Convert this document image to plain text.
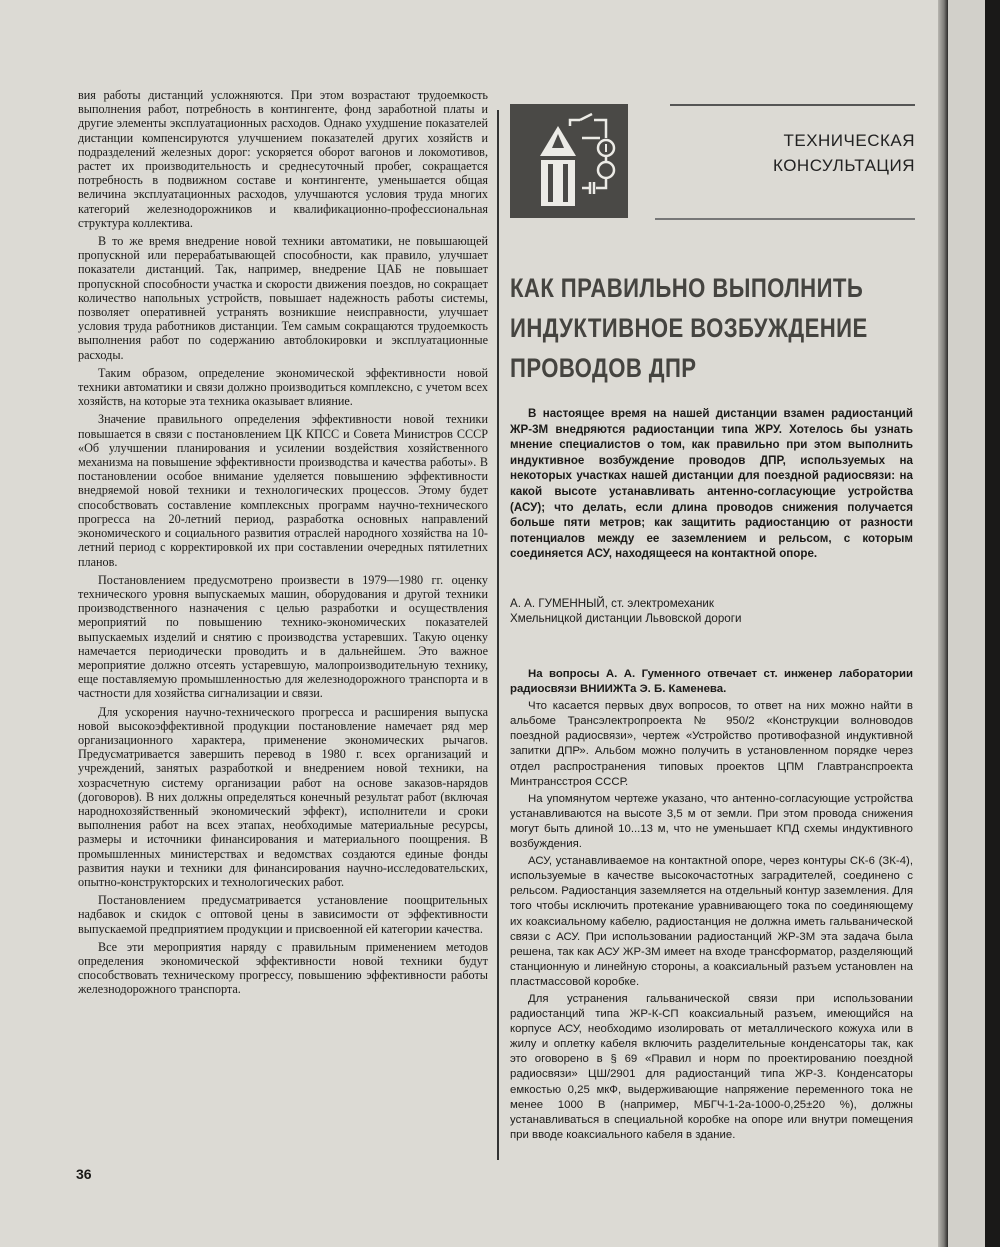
вия работы дистанций усложняются. При этом возрастают трудоемкость выполнения работ, потребность в контингенте, фонд заработной платы и другие элементы эксплуатационных расходов. Однако ухудшение показателей дистанции компенсируются улучшением показателей других хозяйств и подразделений железных дорог: ускоряется оборот вагонов и локомотивов, растет их производительность и среднесуточный пробег, сокращается потребность в подвижном составе и контингенте, уменьшается общая величина эксплуатационных расходов, улучшаются условия труда многих категорий железнодорожников и квалификационно-профессиональная структура коллектива.

В то же время внедрение новой техники автоматики, не повышающей пропускной или перерабатывающей способности, как правило, улучшает показатели дистанций. Так, например, внедрение ЦАБ не повышает пропускной способности участка и скорости движения поездов, но сокращает количество напольных устройств, повышает надежность работы системы, позволяет оперативней устранять возникшие неисправности, улучшает условия труда работников дистанции. Тем самым сокращаются трудоемкость выполнения работ по содержанию автоблокировки и эксплуатационные расходы.

Таким образом, определение экономической эффективности новой техники автоматики и связи должно производиться комплексно, с учетом всех хозяйств, на которые эта техника оказывает влияние.

Значение правильного определения эффективности новой техники повышается в связи с постановлением ЦК КПСС и Совета Министров СССР «Об улучшении планирования и усилении воздействия хозяйственного механизма на повышение эффективности производства и качества работы». В постановлении особое внимание уделяется повышению эффективности внедряемой новой техники и технологических процессов. Этому будет способствовать составление комплексных программ научно-технического прогресса на 20-летний период, разработка основных направлений экономического и социального развития отраслей народного хозяйства на 10-летний период с корректировкой их при составлении очередных пятилетних планов.

Постановлением предусмотрено произвести в 1979—1980 гг. оценку технического уровня выпускаемых машин, оборудования и другой техники производственного назначения с целью разработки и осуществления мероприятий по повышению технико-экономических показателей выпускаемых изделий и снятию с производства устаревших. Такую оценку намечается периодически проводить и в дальнейшем. Это важное мероприятие должно отсеять устаревшую, малопроизводительную технику, еще поставляемую промышленностью для железнодорожного транспорта и в частности для хозяйства сигнализации и связи.

Для ускорения научно-технического прогресса и расширения выпуска новой высокоэффективной продукции постановление намечает ряд мер организационного характера, применение экономических рычагов. Предусматривается завершить перевод в 1980 г. всех организаций и учреждений, занятых разработкой и внедрением новой техники, на хозрасчетную систему организации работ на основе заказов-нарядов (договоров). В них должны определяться конечный результат работ (включая народнохозяйственный экономический эффект), исполнители и сроки выполнения работ на всех этапах, необходимые материальные ресурсы, размеры и источники финансирования и материального поощрения. В промышленных министерствах и ведомствах создаются единые фонды развития науки и техники для финансирования научно-исследовательских, опытно-конструкторских и технологических работ.

Постановлением предусматривается установление поощрительных надбавок и скидок с оптовой цены в зависимости от эффективности выпускаемой предприятием продукции и присвоенной ей категории качества.

Все эти мероприятия наряду с правильным применением методов определения экономической эффективности новой техники будут способствовать техническому прогрессу, повышению эффективности работы железнодорожного транспорта.

36
ТЕХНИЧЕСКАЯ
КОНСУЛЬТАЦИЯ
КАК ПРАВИЛЬНО ВЫПОЛНИТЬ
ИНДУКТИВНОЕ ВОЗБУЖДЕНИЕ
ПРОВОДОВ ДПР

В настоящее время на нашей дистанции взамен радиостанций ЖР-3М внедряются радиостанции типа ЖРУ. Хотелось бы узнать мнение специалистов о том, как правильно при этом выполнить индуктивное возбуждение проводов ДПР, используемых на некоторых участках нашей дистанции для поездной радиосвязи: на какой высоте устанавливать антенно-согласующие устройства (АСУ); что делать, если длина проводов снижения получается больше пяти метров; как защитить радиостанцию от разности потенциалов между ее заземлением и рельсом, с которым соединяется АСУ, находящееся на контактной опоре.

А. А. ГУМЕННЫЙ, ст. электромеханик

Хмельницкой дистанции Львовской дороги

На вопросы А. А. Гуменного отвечает ст. инженер лаборатории радиосвязи ВНИИЖТа Э. Б. Каменева.

Что касается первых двух вопросов, то ответ на них можно найти в альбоме Трансэлектропроекта № 950/2 «Конструкции волноводов поездной радиосвязи», чертеж «Устройство противофазной индуктивной запитки ДПР». Альбом можно получить в установленном порядке через отдел распространения типовых проектов ЦПМ Главтранспроекта Минтрансстроя СССР.

На упомянутом чертеже указано, что антенно-согласующие устройства устанавливаются на высоте 3,5 м от земли. При этом провода снижения могут быть длиной 10...13 м, что не уменьшает КПД схемы индуктивного возбуждения.

АСУ, устанавливаемое на контактной опоре, через контуры СК-6 (ЗК-4), используемые в качестве высокочастотных заградителей, соединено с рельсом. Радиостанция заземляется на отдельный контур заземления. Для того чтобы исключить протекание уравнивающего тока по соединяющему их коаксиальному кабелю, радиостанция не должна иметь гальванической связи с АСУ. При использовании радиостанций ЖР-3М эта задача была решена, так как АСУ ЖР-3М имеет на входе трансформатор, разделяющий станционную и линейную стороны, а коаксиальный разъем установлен на пластмассовой коробке.

Для устранения гальванической связи при использовании радиостанций типа ЖР-К-СП коаксиальный разъем, имеющийся на корпусе АСУ, необходимо изолировать от металлического кожуха или в жилу и оплетку кабеля включить разделительные конденсаторы так, как это оговорено в § 69 «Правил и норм по проектированию поездной радиосвязи» ЦШ/2901 для радиостанций типа ЖР-3. Конденсаторы емкостью 0,25 мкФ, выдерживающие напряжение переменного тока не менее 1000 В (например, МБГЧ-1-2а-1000-0,25±20 %), должны устанавливаться в специальной коробке на опоре или внутри помещения при вводе коаксиального кабеля в здание.
